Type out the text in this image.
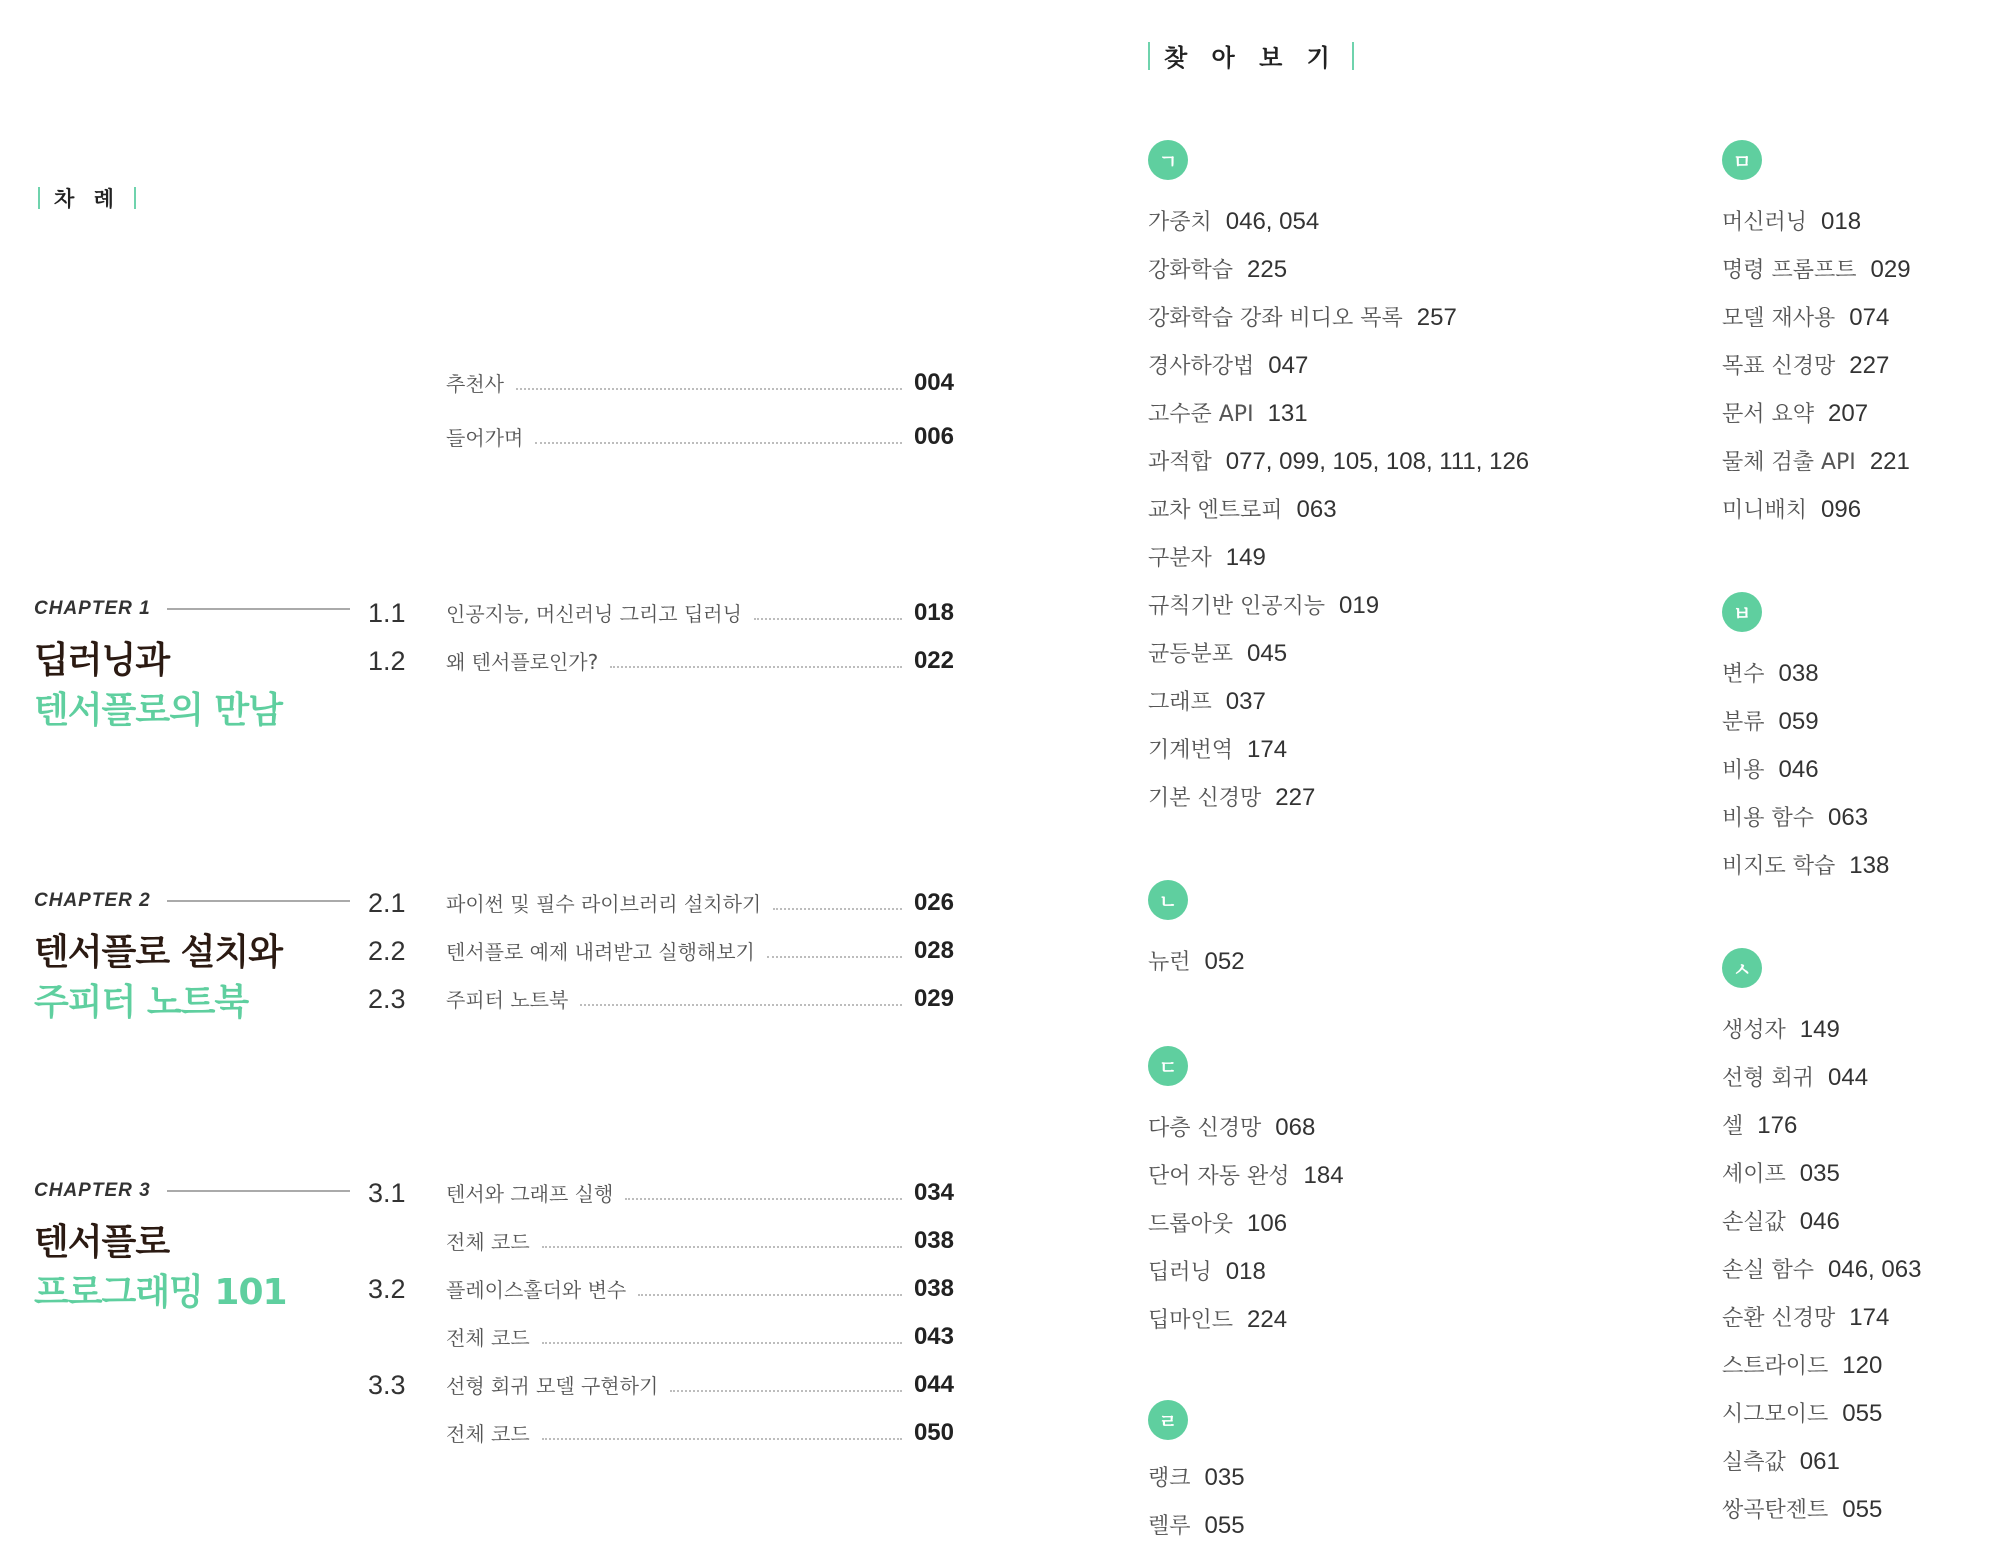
차 례
추천사	004
들어가며	006
CHAPTER 1
딥러닝과
텐서플로의 만남
1.1 인공지능, 머신러닝 그리고 딥러닝	018
1.2 왜 텐서플로인가?	022
CHAPTER 2
텐서플로 설치와
주피터 노트북
2.1 파이썬 및 필수 라이브러리 설치하기	026
2.2 텐서플로 예제 내려받고 실행해보기	028
2.3 주피터 노트북	029
CHAPTER 3
텐서플로
프로그래밍 101
3.1 텐서와 그래프 실행	034
전체 코드	038
3.2 플레이스홀더와 변수	038
전체 코드	043
3.3 선형 회귀 모델 구현하기	044
전체 코드	050
찾 아 보 기
ㄱ
가중치 046, 054
강화학습 225
강화학습 강좌 비디오 목록 257
경사하강법 047
고수준 API 131
과적합 077, 099, 105, 108, 111, 126
교차 엔트로피 063
구분자 149
규칙기반 인공지능 019
균등분포 045
그래프 037
기계번역 174
기본 신경망 227
ㄴ
뉴런 052
ㄷ
다층 신경망 068
단어 자동 완성 184
드롭아웃 106
딥러닝 018
딥마인드 224
ㄹ
랭크 035
렐루 055
ㅁ
머신러닝 018
명령 프롬프트 029
모델 재사용 074
목표 신경망 227
문서 요약 207
물체 검출 API 221
미니배치 096
ㅂ
변수 038
분류 059
비용 046
비용 함수 063
비지도 학습 138
ㅅ
생성자 149
선형 회귀 044
셀 176
셰이프 035
손실값 046
손실 함수 046, 063
순환 신경망 174
스트라이드 120
시그모이드 055
실측값 061
쌍곡탄젠트 055
